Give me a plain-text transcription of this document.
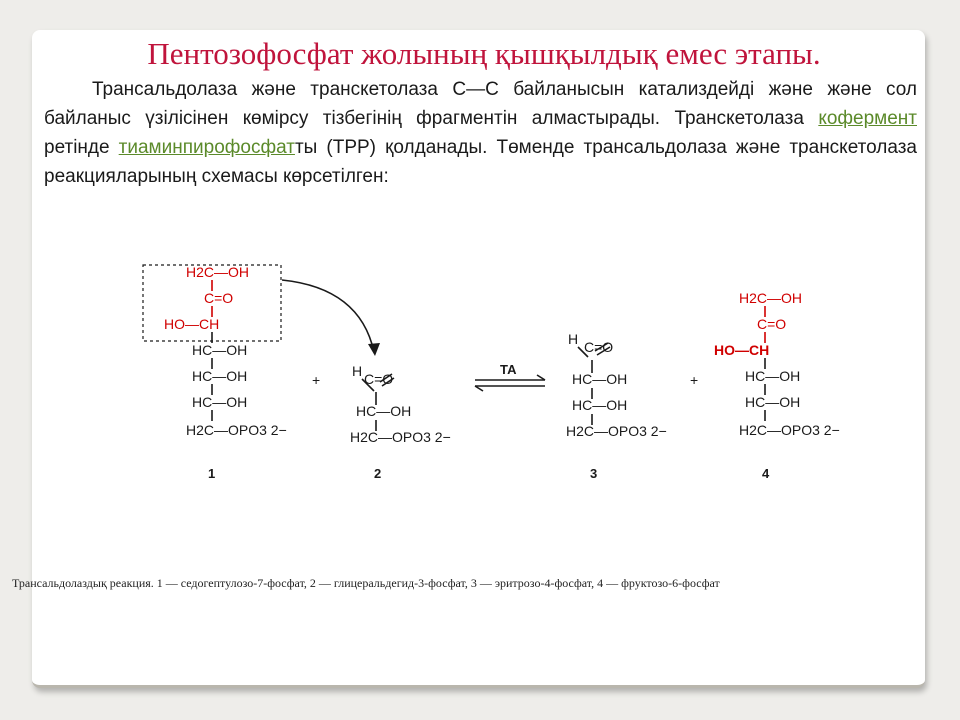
Пентозофосфат жолының қышқылдық емес этапы.

Трансальдолаза және транскетолаза С—С байланысын катализдейді және және сол байланыс үзілісінен көмірсу тізбегінің фрагментін алмастырады. Транскетолаза кофермент ретінде тиаминпирофосфатты (ТРР) қолданады. Төменде трансальдолаза және транскетолаза реакцияларының схемасы көрсетілген:

H2C—OH
C=O
HO—CH
HC—OH
HC—OH
HC—OH
H2C—OPO3 2−
+
H C=O
HC—OH
H2C—OPO3 2−
ТА
H C=O
HC—OH
HC—OH
H2C—OPO3 2−
+
H2C—OH
C=O
HO—CH
HC—OH
HC—OH
H2C—OPO3 2−
1	2	3	4
Трансальдолаздық реакция. 1 — седогептулозо-7-фосфат, 2 — глицеральдегид-3-фосфат, 3 — эритрозо-4-фосфат, 4 — фруктозо-6-фосфат
